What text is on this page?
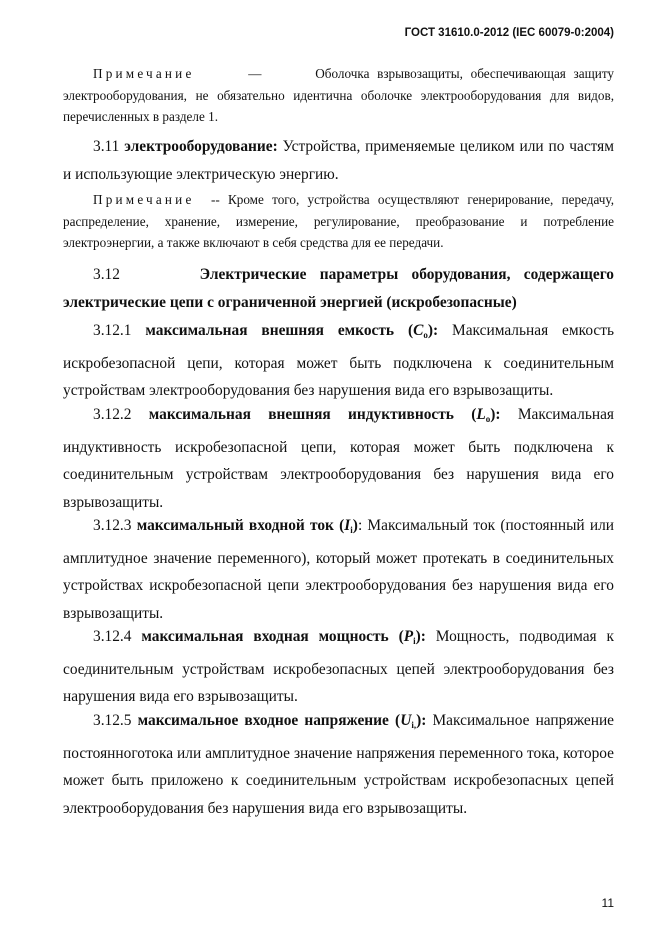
ГОСТ 31610.0-2012 (IEC 60079-0:2004)

Примечание	—	Оболочка взрывозащиты, обеспечивающая защиту электрооборудования, не обязательно идентична оболочке электрооборудования для видов, перечисленных в разделе 1.

3.11 электрооборудование: Устройства, применяемые целиком или по частям и использующие электрическую энергию.

Примечание -- Кроме того, устройства осуществляют генерирование, передачу, распределение, хранение, измерение, регулирование, преобразование и потребление электроэнергии, а также включают в себя средства для ее передачи.

3.12	Электрические параметры оборудования, содержащего электрические цепи с ограниченной энергией (искробезопасные)

3.12.1 максимальная внешняя емкость $(C_o)$: Максимальная емкость искробезопасной цепи, которая может быть подключена к соединительным устройствам электрооборудования без нарушения вида его взрывозащиты.

3.12.2 максимальная внешняя индуктивность $(L_o)$: Максимальная индуктивность искробезопасной цепи, которая может быть подключена к соединительным устройствам электрооборудования без нарушения вида его взрывозащиты.

3.12.3 максимальный входной ток $(I_i)$: Максимальный ток (постоянный или амплитудное значение переменного), который может протекать в соединительных устройствах искробезопасной цепи электрооборудования без нарушения вида его взрывозащиты.

3.12.4 максимальная входная мощность $(P_i)$: Мощность, подводимая к соединительным устройствам искробезопасных цепей электрооборудования без нарушения вида его взрывозащиты.

3.12.5 максимальное входное напряжение $(U_{i,})$: Максимальное напряжение постоянноготока или амплитудное значение напряжения переменного тока, которое может быть приложено к соединительным устройствам искробезопасных цепей электрооборудования без нарушения вида его взрывозащиты.

11
